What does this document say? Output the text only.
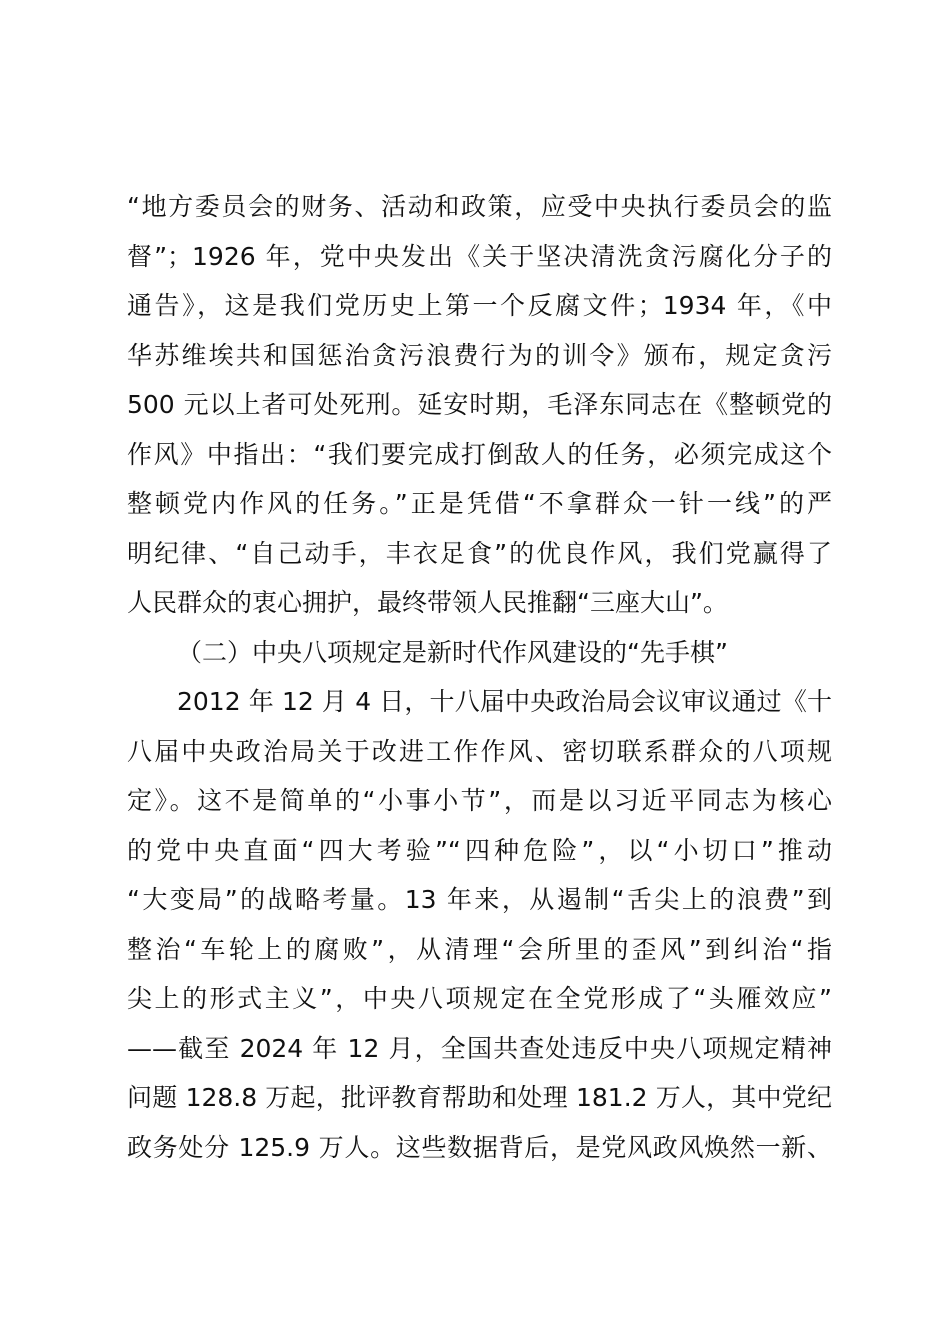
“地方委员会的财务、活动和政策，应受中央执行委员会的监
督”；1926 年，党中央发出《关于坚决清洗贪污腐化分子的
通告》，这是我们党历史上第一个反腐文件；1934 年，《中
华苏维埃共和国惩治贪污浪费行为的训令》颁布，规定贪污
500 元以上者可处死刑。延安时期，毛泽东同志在《整顿党的
作风》中指出：“我们要完成打倒敌人的任务，必须完成这个
整顿党内作风的任务。”正是凭借“不拿群众一针一线”的严
明纪律、“自己动手，丰衣足食”的优良作风，我们党赢得了
人民群众的衷心拥护，最终带领人民推翻“三座大山”。
（二）中央八项规定是新时代作风建设的“先手棋”
2012 年 12 月 4 日，十八届中央政治局会议审议通过《十
八届中央政治局关于改进工作作风、密切联系群众的八项规
定》。这不是简单的“小事小节”，而是以习近平同志为核心
的党中央直面“四大考验”“四种危险”，以“小切口”推动
“大变局”的战略考量。13 年来，从遏制“舌尖上的浪费”到
整治“车轮上的腐败”，从清理“会所里的歪风”到纠治“指
尖上的形式主义”，中央八项规定在全党形成了“头雁效应”
——截至 2024 年 12 月，全国共查处违反中央八项规定精神
问题 128.8 万起，批评教育帮助和处理 181.2 万人，其中党纪
政务处分 125.9 万人。这些数据背后，是党风政风焕然一新、
